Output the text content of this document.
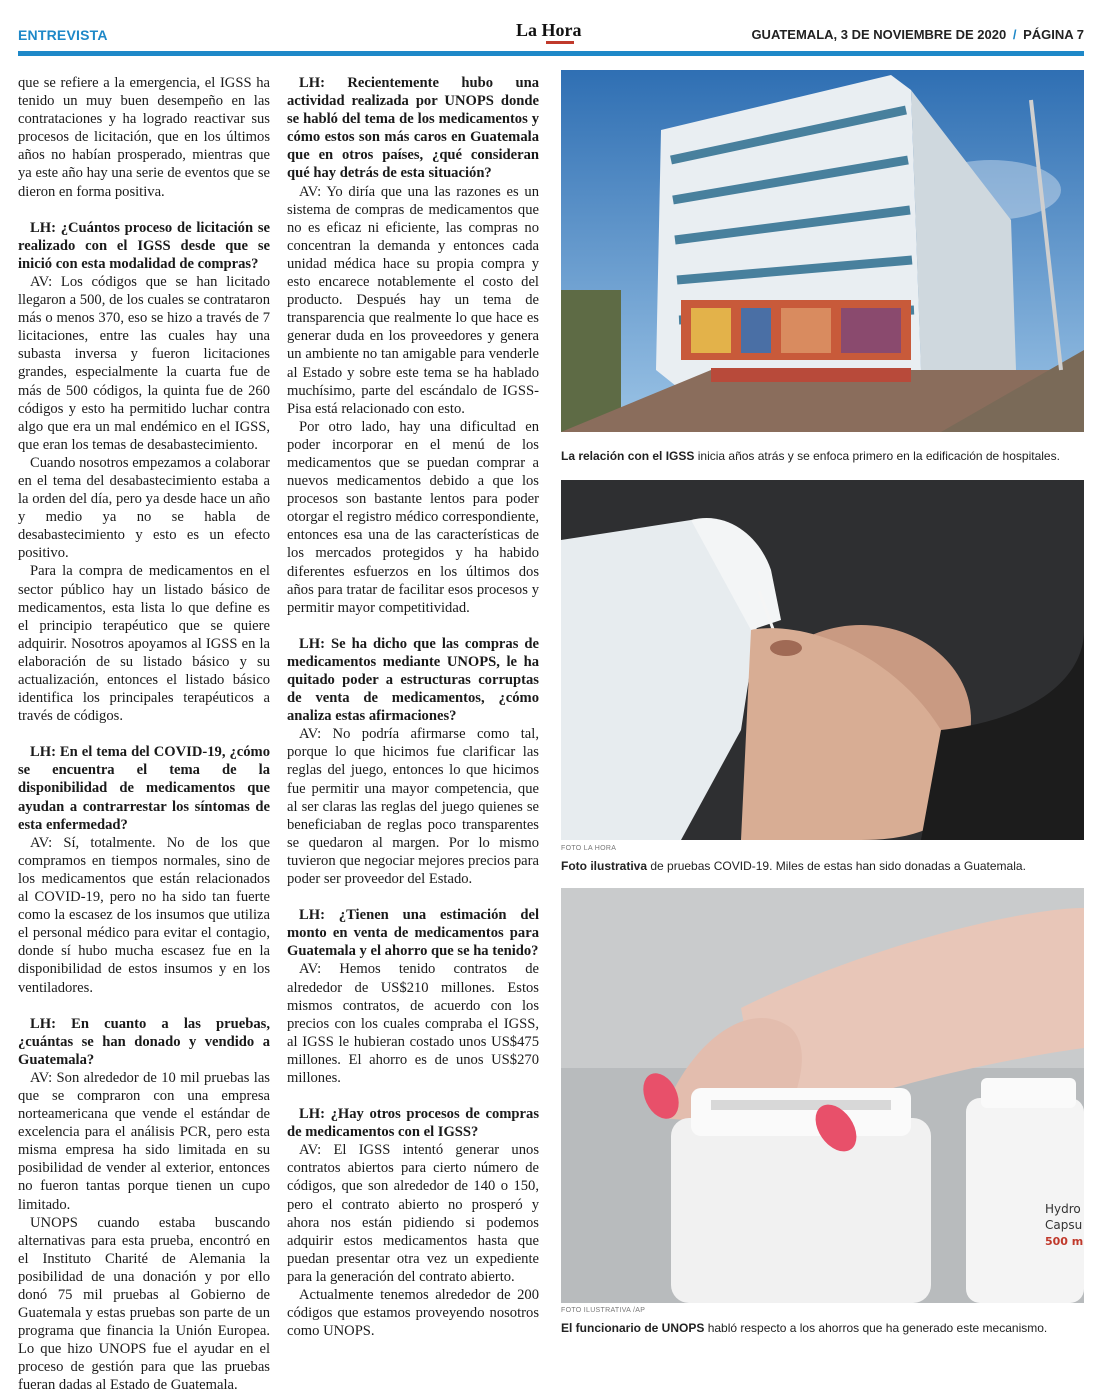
ENTREVISTA	La Hora	GUATEMALA, 3 DE NOVIEMBRE DE 2020 / PÁGINA 7

que se refiere a la emergencia, el IGSS ha tenido un muy buen desempeño en las contrataciones y ha logrado reactivar sus procesos de licitación, que en los últimos años no habían prosperado, mientras que ya este año hay una serie de eventos que se dieron en forma positiva.

LH: ¿Cuántos proceso de licitación se realizado con el IGSS desde que se inició con esta modalidad de compras?

AV: Los códigos que se han licitado llegaron a 500, de los cuales se contrataron más o menos 370, eso se hizo a través de 7 licitaciones, entre las cuales hay una subasta inversa y fueron licitaciones grandes, especialmente la cuarta fue de más de 500 códigos, la quinta fue de 260 códigos y esto ha permitido luchar contra algo que era un mal endémico en el IGSS, que eran los temas de desabastecimiento.

Cuando nosotros empezamos a colaborar en el tema del desabastecimiento estaba a la orden del día, pero ya desde hace un año y medio ya no se habla de desabastecimiento y esto es un efecto positivo.

Para la compra de medicamentos en el sector público hay un listado básico de medicamentos, esta lista lo que define es el principio terapéutico que se quiere adquirir. Nosotros apoyamos al IGSS en la elaboración de su listado básico y su actualización, entonces el listado básico identifica los principales terapéuticos a través de códigos.

LH: En el tema del COVID-19, ¿cómo se encuentra el tema de la disponibilidad de medicamentos que ayudan a contrarrestar los síntomas de esta enfermedad?

AV: Sí, totalmente. No de los que compramos en tiempos normales, sino de los medicamentos que están relacionados al COVID-19, pero no ha sido tan fuerte como la escasez de los insumos que utiliza el personal médico para evitar el contagio, donde sí hubo mucha escasez fue en la disponibilidad de estos insumos y en los ventiladores.

LH: En cuanto a las pruebas, ¿cuántas se han donado y vendido a Guatemala?

AV: Son alrededor de 10 mil pruebas las que se compraron con una empresa norteamericana que vende el estándar de excelencia para el análisis PCR, pero esta misma empresa ha sido limitada en su posibilidad de vender al exterior, entonces no fueron tantas porque tienen un cupo limitado.

UNOPS cuando estaba buscando alternativas para esta prueba, encontró en el Instituto Charité de Alemania la posibilidad de una donación y por ello donó 75 mil pruebas al Gobierno de Guatemala y estas pruebas son parte de un programa que financia la Unión Europea. Lo que hizo UNOPS fue el ayudar en el proceso de gestión para que las pruebas fueran dadas al Estado de Guatemala.

LH: Recientemente hubo una actividad realizada por UNOPS donde se habló del tema de los medicamentos y cómo estos son más caros en Guatemala que en otros países, ¿qué consideran qué hay detrás de esta situación?

AV: Yo diría que una las razones es un sistema de compras de medicamentos que no es eficaz ni eficiente, las compras no concentran la demanda y entonces cada unidad médica hace su propia compra y esto encarece notablemente el costo del producto. Después hay un tema de transparencia que realmente lo que hace es generar duda en los proveedores y genera un ambiente no tan amigable para venderle al Estado y sobre este tema se ha hablado muchísimo, parte del escándalo de IGSS-Pisa está relacionado con esto.

Por otro lado, hay una dificultad en poder incorporar en el menú de los medicamentos que se puedan comprar a nuevos medicamentos debido a que los procesos son bastante lentos para poder otorgar el registro médico correspondiente, entonces esa una de las características de los mercados protegidos y ha habido diferentes esfuerzos en los últimos dos años para tratar de facilitar esos procesos y permitir mayor competitividad.

LH: Se ha dicho que las compras de medicamentos mediante UNOPS, le ha quitado poder a estructuras corruptas de venta de medicamentos, ¿cómo analiza estas afirmaciones?

AV: No podría afirmarse como tal, porque lo que hicimos fue clarificar las reglas del juego, entonces lo que hicimos fue permitir una mayor competencia, que al ser claras las reglas del juego quienes se beneficiaban de reglas poco transparentes se quedaron al margen. Por lo mismo tuvieron que negociar mejores precios para poder ser proveedor del Estado.

LH: ¿Tienen una estimación del monto en venta de medicamentos para Guatemala y el ahorro que se ha tenido?

AV: Hemos tenido contratos de alrededor de US$210 millones. Estos mismos contratos, de acuerdo con los precios con los cuales compraba el IGSS, al IGSS le hubieran costado unos US$475 millones. El ahorro es de unos US$270 millones.

LH: ¿Hay otros procesos de compras de medicamentos con el IGSS?

AV: El IGSS intentó generar unos contratos abiertos para cierto número de códigos, que son alrededor de 140 o 150, pero el contrato abierto no prosperó y ahora nos están pidiendo si podemos adquirir estos medicamentos hasta que puedan presentar otra vez un expediente para la generación del contrato abierto.

Actualmente tenemos alrededor de 200 códigos que estamos proveyendo nosotros como UNOPS.

La relación con el IGSS inicia años atrás y se enfoca primero en la edificación de hospitales.
FOTO LA HORA
Foto ilustrativa de pruebas COVID-19. Miles de estas han sido donadas a Guatemala.
Hydro
Capsu
500 m
FOTO ILUSTRATIVA /AP
El funcionario de UNOPS habló respecto a los ahorros que ha generado este mecanismo.
